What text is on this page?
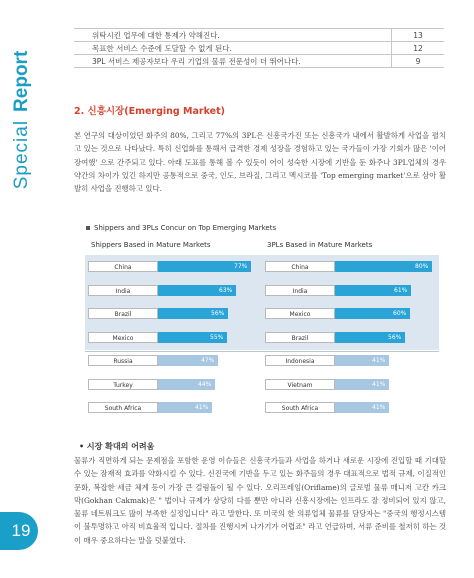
SpecialReport
19
위탁시킨 업무에 대한 통제가 약해진다.	13
목표한 서비스 수준에 도달할 수 없게 된다.	12
3PL 서비스 제공자보다 우리 기업의 물류 전문성이 더 뛰어나다.	9
2. 신흥시장(Emerging Market)

본 연구의 대상이었던 화주의 80%, 그리고 77%의 3PL은 신흥국가진 또는 신흥국가 내에서 활발하게 사업을 펼치고 있는 것으로 나타났다. 특히 신업화를 통해서 급격한 경제 성장을 경험하고 있는 국가들이 가장 기회가 많은 '이어장여했' 으로 간주되고 있다. 아래 도표를 통해 볼 수 있듯이 어이 성숙한 시장에 기반을 둔 화주나 3PL업체의 경우 약간의 차이가 있긴 하지만 공통적으로 중국, 인도, 브라질, 그리고 멕시코를 'Top emerging market'으로 삼아 활발히 사업을 진행하고 있다.

Shippers and 3PLs Concur on Top Emerging Markets
Shippers Based in Mature Markets	3PLs Based in Mature Markets
China	77%
India	63%
Brazil	56%
Mexico	55%
Russia	47%
Turkey	44%
South Africa	41%
China	80%
India	61%
Mexico	60%
Brazil	56%
Indonesia	41%
Vietnam	41%
South Africa	41%
• 시장 확대의 어려움

물류가 직면하게 되는 문제점을 포함한 운영 이슈들은 신흥국가들과 사업을 하거나 새로운 시장에 진입할 때 기대할 수 있는 잠재적 효과를 약화시킬 수 있다. 신진국에 기반을 두고 있는 화주들의 경우 대표적으로 법적 규제, 이질적인 문화, 복잡한 세금 체계 등이 가장 큰 걸림돌이 될 수 있다. 오리프레임(Oriflame)의 글로벌 물류 매니저 고칸 카크막(Gokhan Cakmak)은 " 법이나 규제가 상당히 다를 뿐만 아니라 신흥시장에는 인프라도 잘 정비되어 있지 않고, 물류 네트워크도 많이 부족한 실정입니다" 라고 말한다. 또 미국의 한 의류업체 물류를 담당자는 "중국의 행정시스템이 불투명하고 아직 비효율적 입니다. 절차를 진행시켜 나가기가 어렵죠" 라고 언급하며, 서류 준비를 철저히 하는 것이 매우 중요하다는 말을 덧붙였다.
